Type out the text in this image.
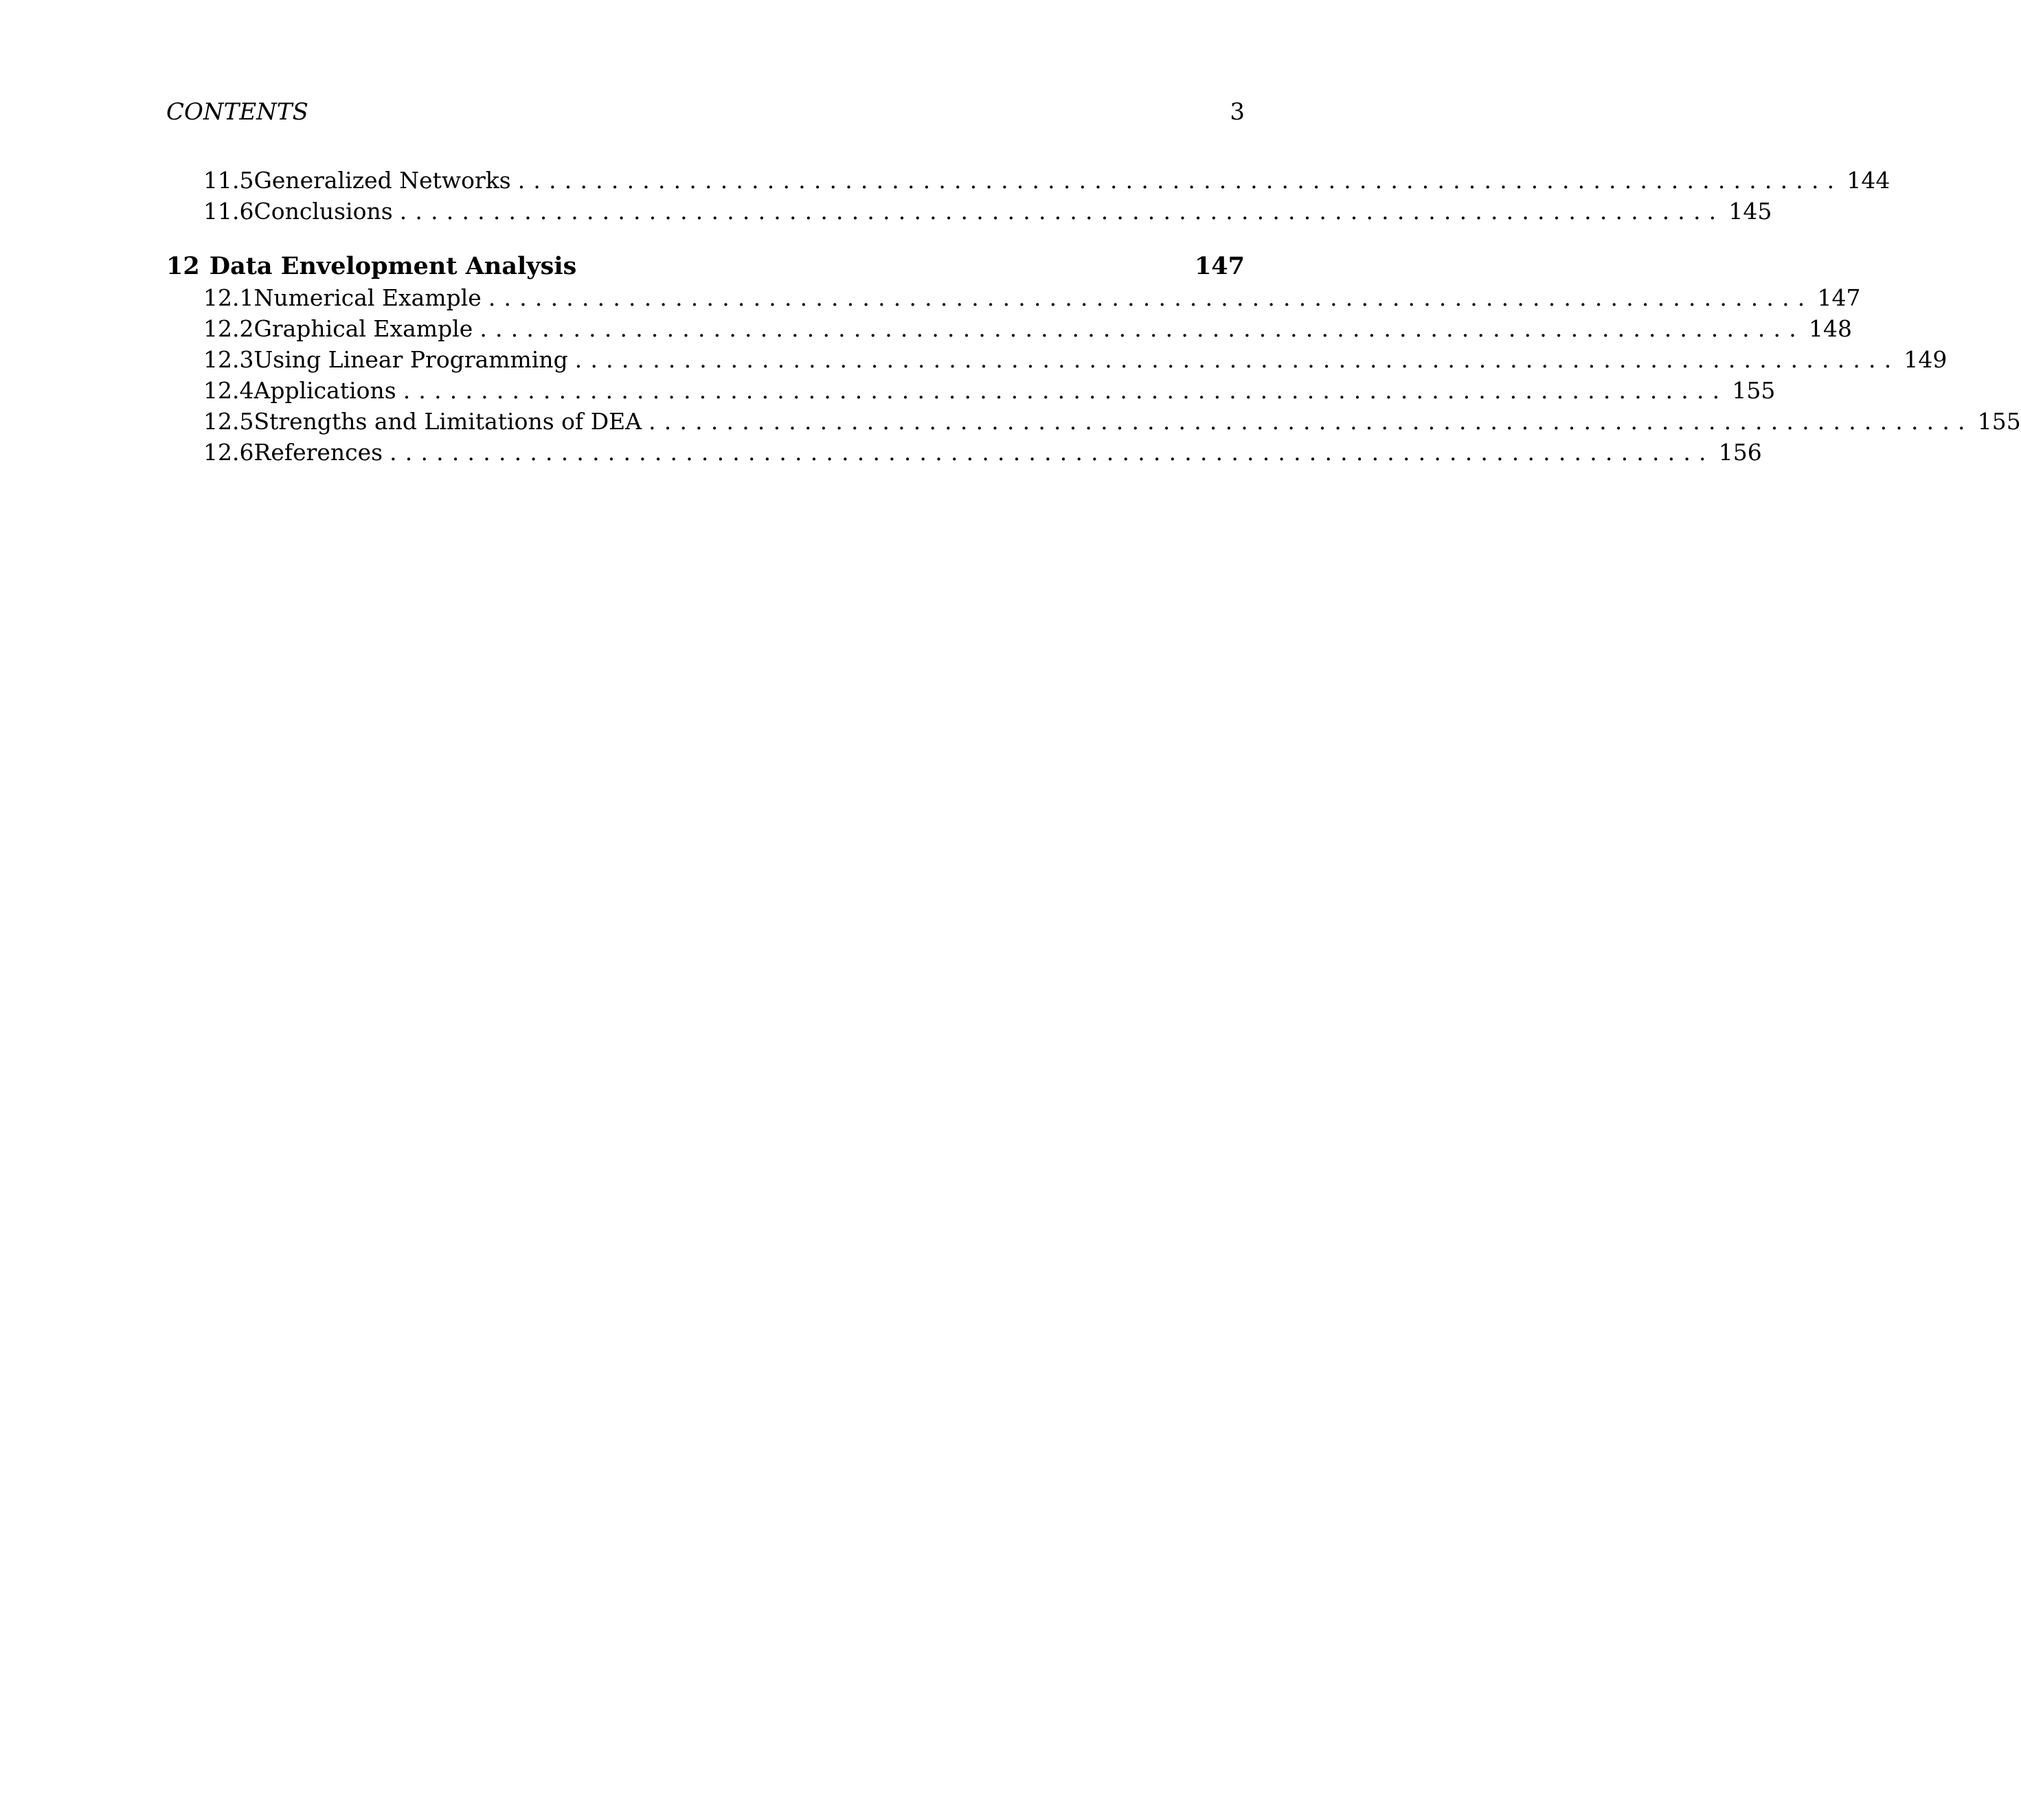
CONTENTS	3
11.5 Generalized Networks ..................................................................................... 144
11.6 Conclusions ..................................................................................... 145
12 Data Envelopment Analysis	147
12.1 Numerical Example ..................................................................................... 147
12.2 Graphical Example ..................................................................................... 148
12.3 Using Linear Programming ..................................................................................... 149
12.4 Applications ..................................................................................... 155
12.5 Strengths and Limitations of DEA ..................................................................................... 155
12.6 References ..................................................................................... 156
